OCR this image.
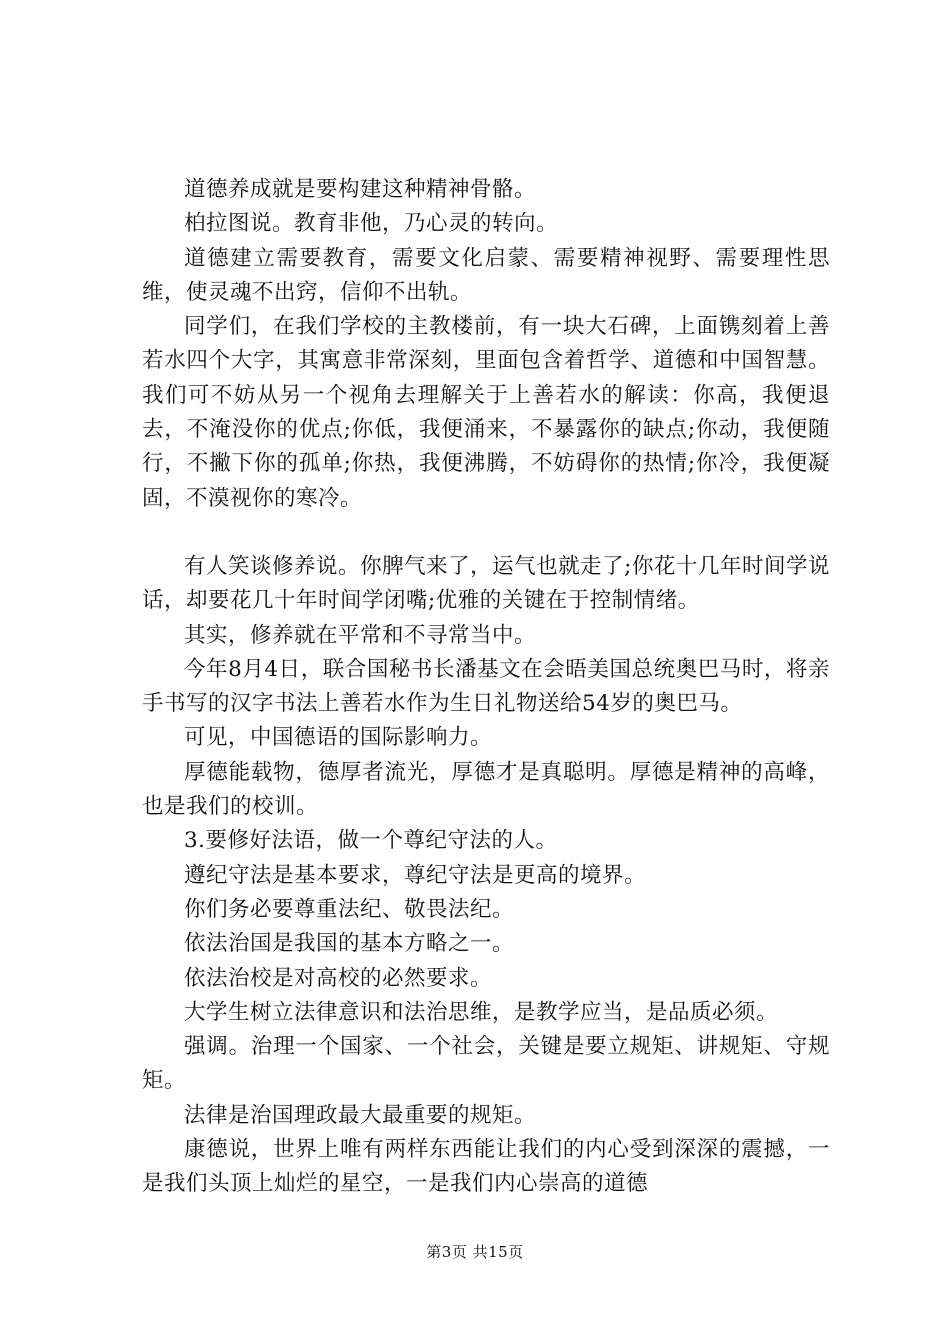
道德养成就是要构建这种精神骨骼。

柏拉图说。教育非他，乃心灵的转向。

道德建立需要教育，需要文化启蒙、需要精神视野、需要理性思维，使灵魂不出窍，信仰不出轨。

同学们，在我们学校的主教楼前，有一块大石碑，上面镌刻着上善若水四个大字，其寓意非常深刻，里面包含着哲学、道德和中国智慧。我们可不妨从另一个视角去理解关于上善若水的解读：你高，我便退去，不淹没你的优点;你低，我便涌来，不暴露你的缺点;你动，我便随行，不撇下你的孤单;你热，我便沸腾，不妨碍你的热情;你冷，我便凝固，不漠视你的寒冷。

有人笑谈修养说。你脾气来了，运气也就走了;你花十几年时间学说话，却要花几十年时间学闭嘴;优雅的关键在于控制情绪。

其实，修养就在平常和不寻常当中。

今年8月4日，联合国秘书长潘基文在会晤美国总统奥巴马时，将亲手书写的汉字书法上善若水作为生日礼物送给54岁的奥巴马。

可见，中国德语的国际影响力。

厚德能载物，德厚者流光，厚德才是真聪明。厚德是精神的高峰，也是我们的校训。

3.要修好法语，做一个尊纪守法的人。

遵纪守法是基本要求，尊纪守法是更高的境界。

你们务必要尊重法纪、敬畏法纪。

依法治国是我国的基本方略之一。

依法治校是对高校的必然要求。

大学生树立法律意识和法治思维，是教学应当，是品质必须。

强调。治理一个国家、一个社会，关键是要立规矩、讲规矩、守规矩。

法律是治国理政最大最重要的规矩。

康德说，世界上唯有两样东西能让我们的内心受到深深的震撼，一是我们头顶上灿烂的星空，一是我们内心崇高的道德

第3页 共15页
